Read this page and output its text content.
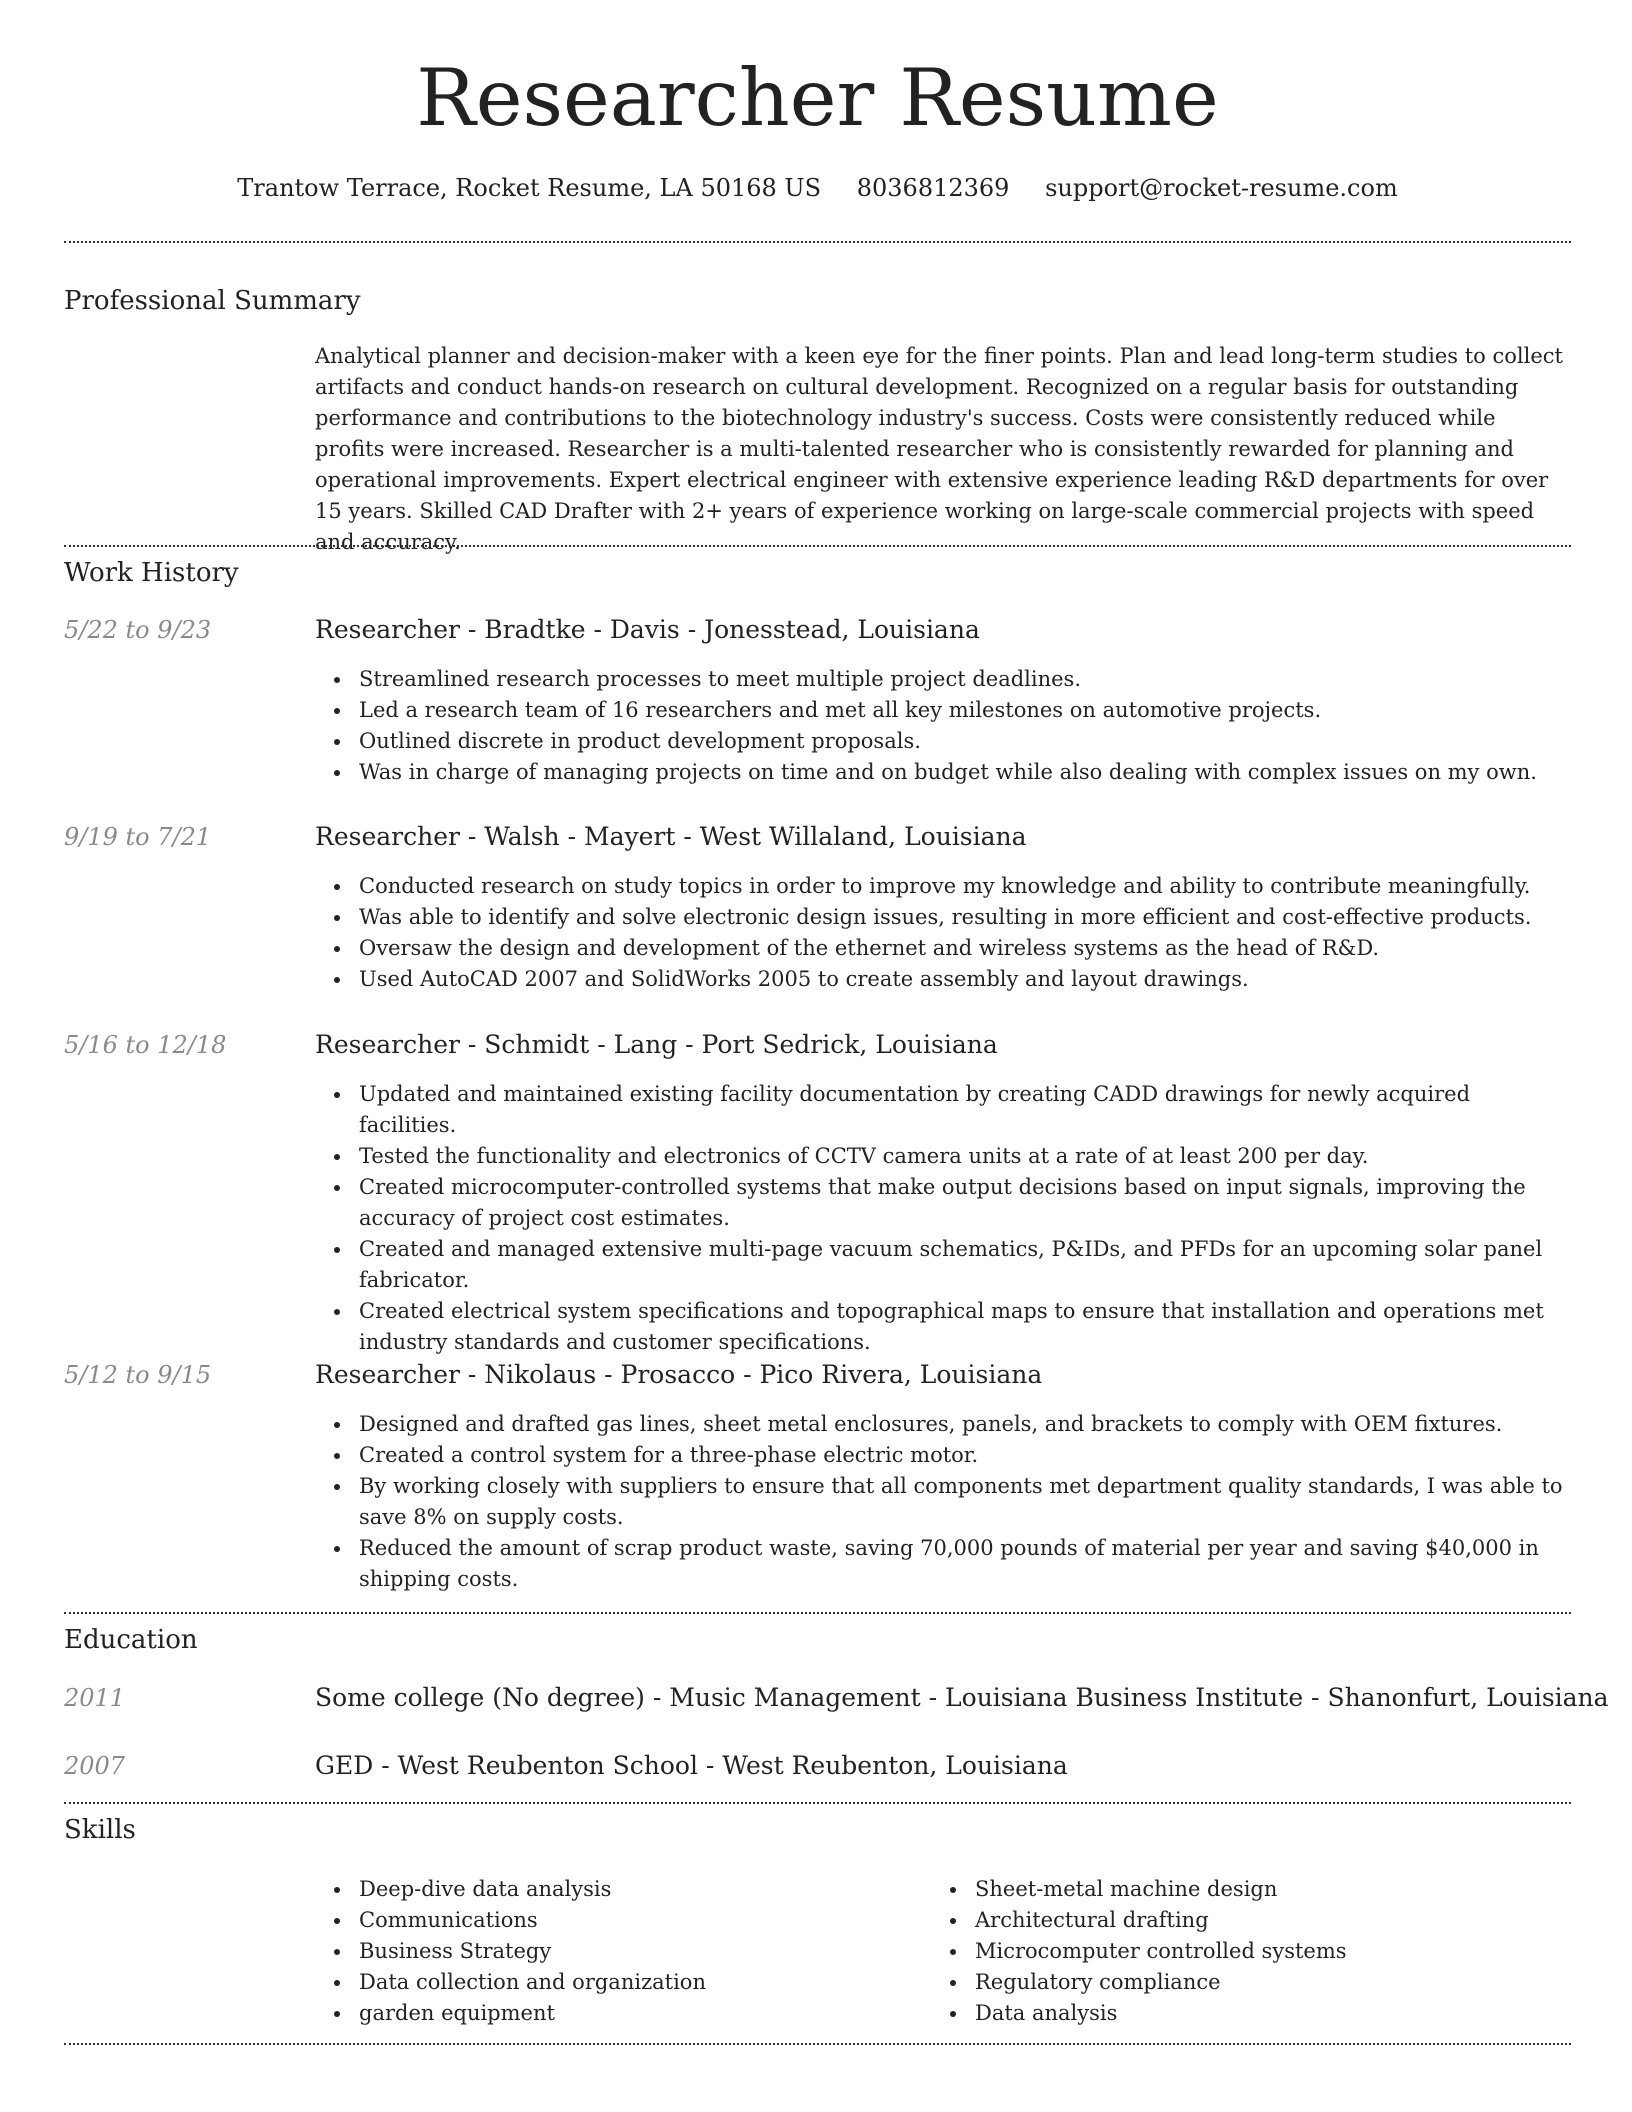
Researcher Resume
Trantow Terrace, Rocket Resume, LA 50168 US 8036812369 support@rocket-resume.com
Professional Summary
Analytical planner and decision-maker with a keen eye for the finer points. Plan and lead long-term studies to collect artifacts and conduct hands-on research on cultural development. Recognized on a regular basis for outstanding performance and contributions to the biotechnology industry's success. Costs were consistently reduced while profits were increased. Researcher is a multi-talented researcher who is consistently rewarded for planning and operational improvements. Expert electrical engineer with extensive experience leading R&D departments for over 15 years. Skilled CAD Drafter with 2+ years of experience working on large-scale commercial projects with speed and accuracy.
Work History
5/22 to 9/23	Researcher - Bradtke - Davis - Jonesstead, Louisiana
Streamlined research processes to meet multiple project deadlines.
Led a research team of 16 researchers and met all key milestones on automotive projects.
Outlined discrete in product development proposals.
Was in charge of managing projects on time and on budget while also dealing with complex issues on my own.
9/19 to 7/21	Researcher - Walsh - Mayert - West Willaland, Louisiana
Conducted research on study topics in order to improve my knowledge and ability to contribute meaningfully.
Was able to identify and solve electronic design issues, resulting in more efficient and cost-effective products.
Oversaw the design and development of the ethernet and wireless systems as the head of R&D.
Used AutoCAD 2007 and SolidWorks 2005 to create assembly and layout drawings.
5/16 to 12/18	Researcher - Schmidt - Lang - Port Sedrick, Louisiana
Updated and maintained existing facility documentation by creating CADD drawings for newly acquired facilities.
Tested the functionality and electronics of CCTV camera units at a rate of at least 200 per day.
Created microcomputer-controlled systems that make output decisions based on input signals, improving the accuracy of project cost estimates.
Created and managed extensive multi-page vacuum schematics, P&IDs, and PFDs for an upcoming solar panel fabricator.
Created electrical system specifications and topographical maps to ensure that installation and operations met industry standards and customer specifications.
5/12 to 9/15	Researcher - Nikolaus - Prosacco - Pico Rivera, Louisiana
Designed and drafted gas lines, sheet metal enclosures, panels, and brackets to comply with OEM fixtures.
Created a control system for a three-phase electric motor.
By working closely with suppliers to ensure that all components met department quality standards, I was able to save 8% on supply costs.
Reduced the amount of scrap product waste, saving 70,000 pounds of material per year and saving $40,000 in shipping costs.
Education
2011	Some college (No degree) - Music Management - Louisiana Business Institute - Shanonfurt, Louisiana
2007	GED - West Reubenton School - West Reubenton, Louisiana
Skills
Deep-dive data analysis
Communications
Business Strategy
Data collection and organization
garden equipment
Sheet-metal machine design
Architectural drafting
Microcomputer controlled systems
Regulatory compliance
Data analysis
